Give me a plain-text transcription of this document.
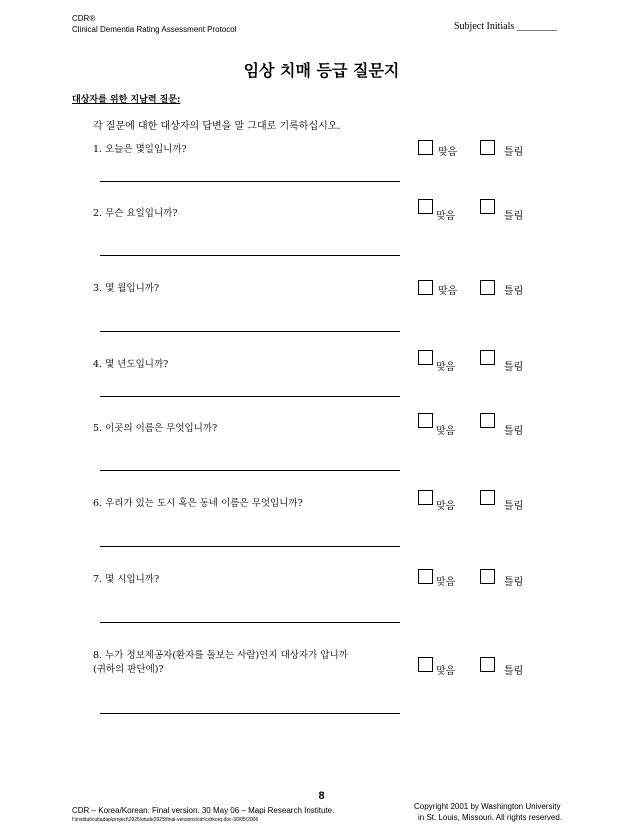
CDR®
Clinical Dementia Rating Assessment Protocol	Subject Initials ________
임상 치매 등급 질문지
대상자를 위한 지남력 질문:
각 질문에 대한 대상자의 답변을 말 그대로 기록하십시오.
1. 오늘은 몇일입니까?	맞음	틀림
2. 무슨 요일입니까?	맞음	틀림
3. 몇 월입니까?	맞음	틀림
4. 몇 년도입니까?	맞음	틀림
5. 이곳의 이름은 무엇입니까?	맞음	틀림
6. 우리가 있는 도시 혹은 동네 이름은 무엇입니까?	맞음	틀림
7. 몇 시입니까?	맞음	틀림
8. 누가 정보제공자(환자를 돌보는 사람)인지 대상자가 압니까
(귀하의 판단에)?	맞음	틀림
8
CDR – Korea/Korean. Final version. 30 May 06 – Mapi Research Institute.
f:\institut\cultadap\project\2925\etude2925\final-versions\cdr\cdrkorq.doc-30/05/2006
Copyright 2001 by Washington University
in St. Louis, Missouri. All rights reserved.
